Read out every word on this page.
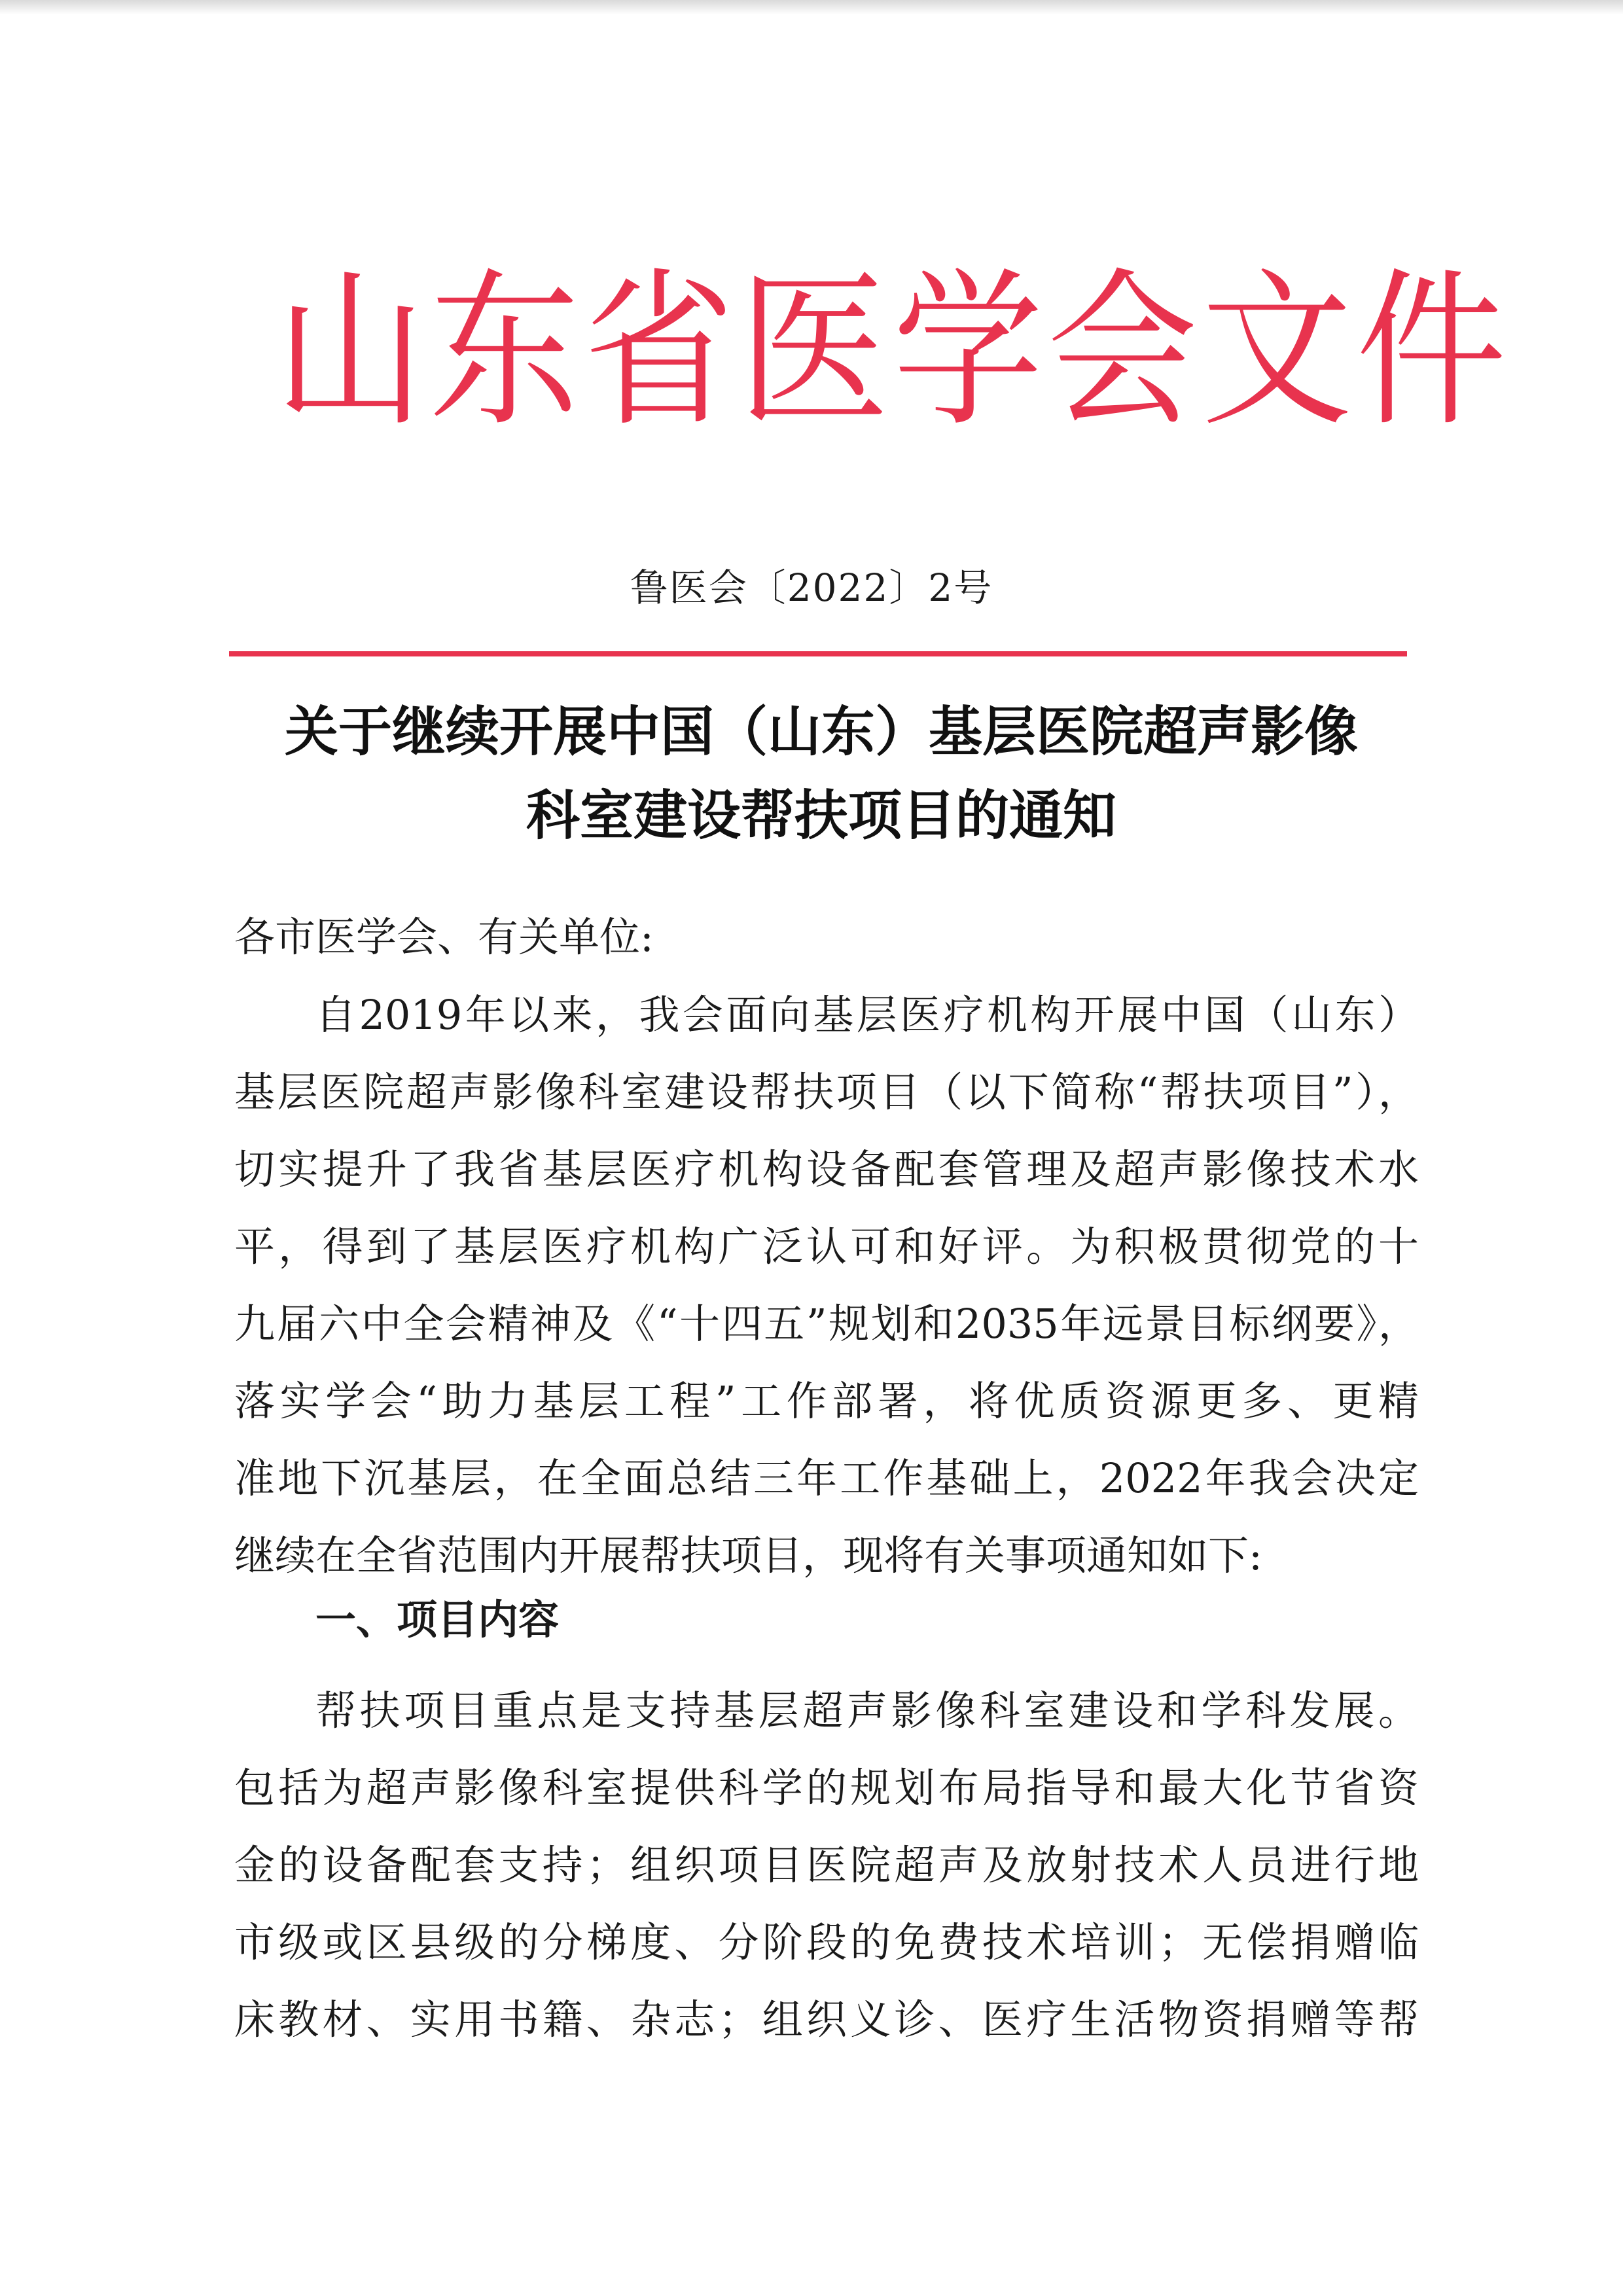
山东省医学会文件
鲁医会〔2022〕2号
关于继续开展中国（山东）基层医院超声影像
科室建设帮扶项目的通知
各市医学会、有关单位:
自2019年以来，我会面向基层医疗机构开展中国（山东）
基层医院超声影像科室建设帮扶项目（以下简称“帮扶项目”），
切实提升了我省基层医疗机构设备配套管理及超声影像技术水
平，得到了基层医疗机构广泛认可和好评。为积极贯彻党的十
九届六中全会精神及《“十四五”规划和2035年远景目标纲要》，
落实学会“助力基层工程”工作部署，将优质资源更多、更精
准地下沉基层，在全面总结三年工作基础上，2022年我会决定
继续在全省范围内开展帮扶项目，现将有关事项通知如下:
一、项目内容
帮扶项目重点是支持基层超声影像科室建设和学科发展。
包括为超声影像科室提供科学的规划布局指导和最大化节省资
金的设备配套支持；组织项目医院超声及放射技术人员进行地
市级或区县级的分梯度、分阶段的免费技术培训；无偿捐赠临
床教材、实用书籍、杂志；组织义诊、医疗生活物资捐赠等帮
